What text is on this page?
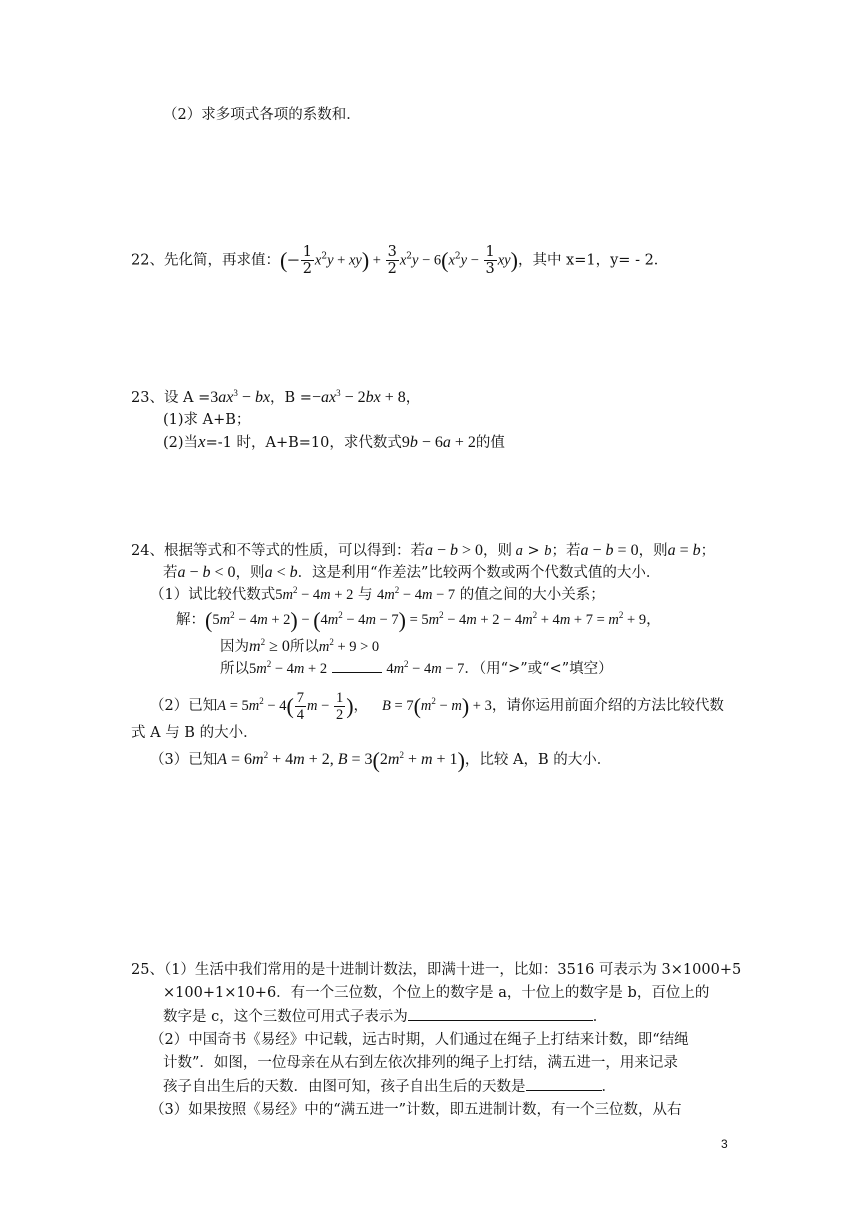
（2）求多项式各项的系数和．
22、先化简，再求值：(− $\frac{1}{2} x^2y + xy) + \frac{3}{2} x^2y - 6(x^2y - \frac{1}{3} xy)$，其中 x=1，y= - 2．
23、设 $A =3ax^3$ − bx，$B =-ax^3 - 2bx + 8$，
(1)求 A+B；
(2)当x=-1 时，A+B=10，求代数式9b − 6a + 2的值
24、根据等式和不等式的性质，可以得到：若a − b > 0，则 a > b；若a − b = 0，则a = b；
若a − b < 0，则a < b．这是利用“作差法”比较两个数或两个代数式值的大小．
（1）试比较代数式$5m^2 - 4m + 2$ 与 $4m^2 - 4m - 7$ 的值之间的大小关系；
解：$(5m^2 - 4m + 2) - (4m^2 - 4m - 7) = 5m^2 - 4m + 2 - 4m^2 + 4m + 7 = m^2 + 9$，
因为$m^2 \ge 0$所以$m^2 + 9 > 0$
所以$5m^2 - 4m + 2$	$4m^2 - 4m - 7$．（用“>”或“<”填空）
（2）已知$A = 5m^2 - 4( \frac{7}{4}$ $m - \frac{1}{2}$ )， $B = 7(m^2 - m) + 3$，请你运用前面介绍的方法比较代数
式 A 与 B 的大小．
（3）已知$A = 6m^2 + 4m + 2$, $B = 3(2m^2 + m + 1)$，比较 A，B 的大小．
25、（1）生活中我们常用的是十进制计数法，即满十进一，比如：3516 可表示为 3×1000+5
×100+1×10+6．有一个三位数，个位上的数字是 a，十位上的数字是 b，百位上的
数字是 c，这个三数位可用式子表示为	．
（2）中国奇书《易经》中记载，远古时期，人们通过在绳子上打结来计数，即“结绳
计数”．如图，一位母亲在从右到左依次排列的绳子上打结，满五进一，用来记录
孩子自出生后的天数．由图可知，孩子自出生后的天数是	．
（3）如果按照《易经》中的“满五进一”计数，即五进制计数，有一个三位数，从右
3
